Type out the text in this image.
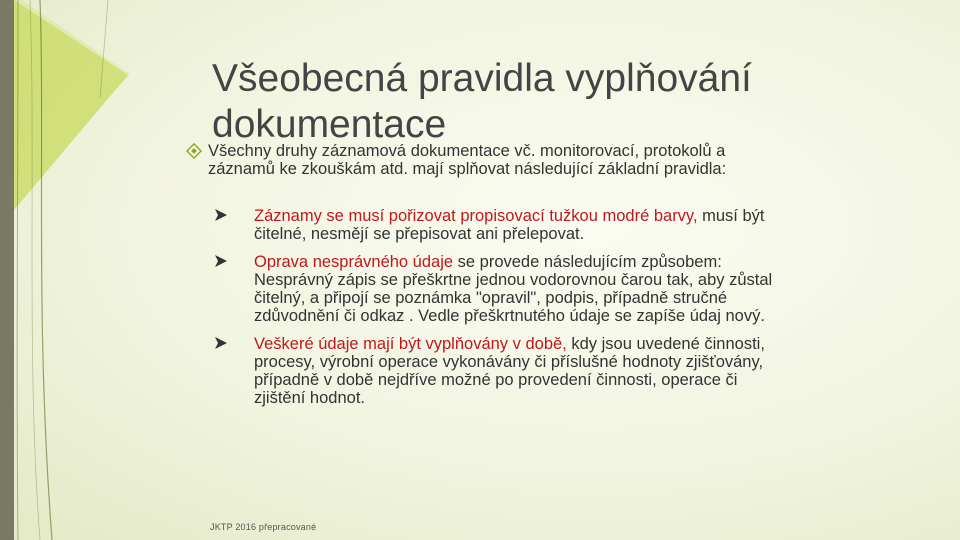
Všeobecná pravidla vyplňování dokumentace
Všechny druhy záznamová dokumentace vč. monitorovací, protokolů a záznamů ke zkouškám atd. mají splňovat následující základní pravidla:
Záznamy se musí pořizovat propisovací tužkou modré barvy, musí být čitelné, nesmějí se přepisovat ani přelepovat.
Oprava nesprávného údaje se provede následujícím způsobem: Nesprávný zápis se přeškrtne jednou vodorovnou čarou tak, aby zůstal čitelný, a připojí se poznámka "opravil", podpis, případně stručné zdůvodnění či odkaz . Vedle přeškrtnutého údaje se zapíše údaj nový.
Veškeré údaje mají být vyplňovány v době, kdy jsou uvedené činnosti, procesy, výrobní operace vykonávány či příslušné hodnoty zjišťovány, případně v době nejdříve možné po provedení činnosti, operace či zjištění hodnot.
JKTP 2016 přepracované
